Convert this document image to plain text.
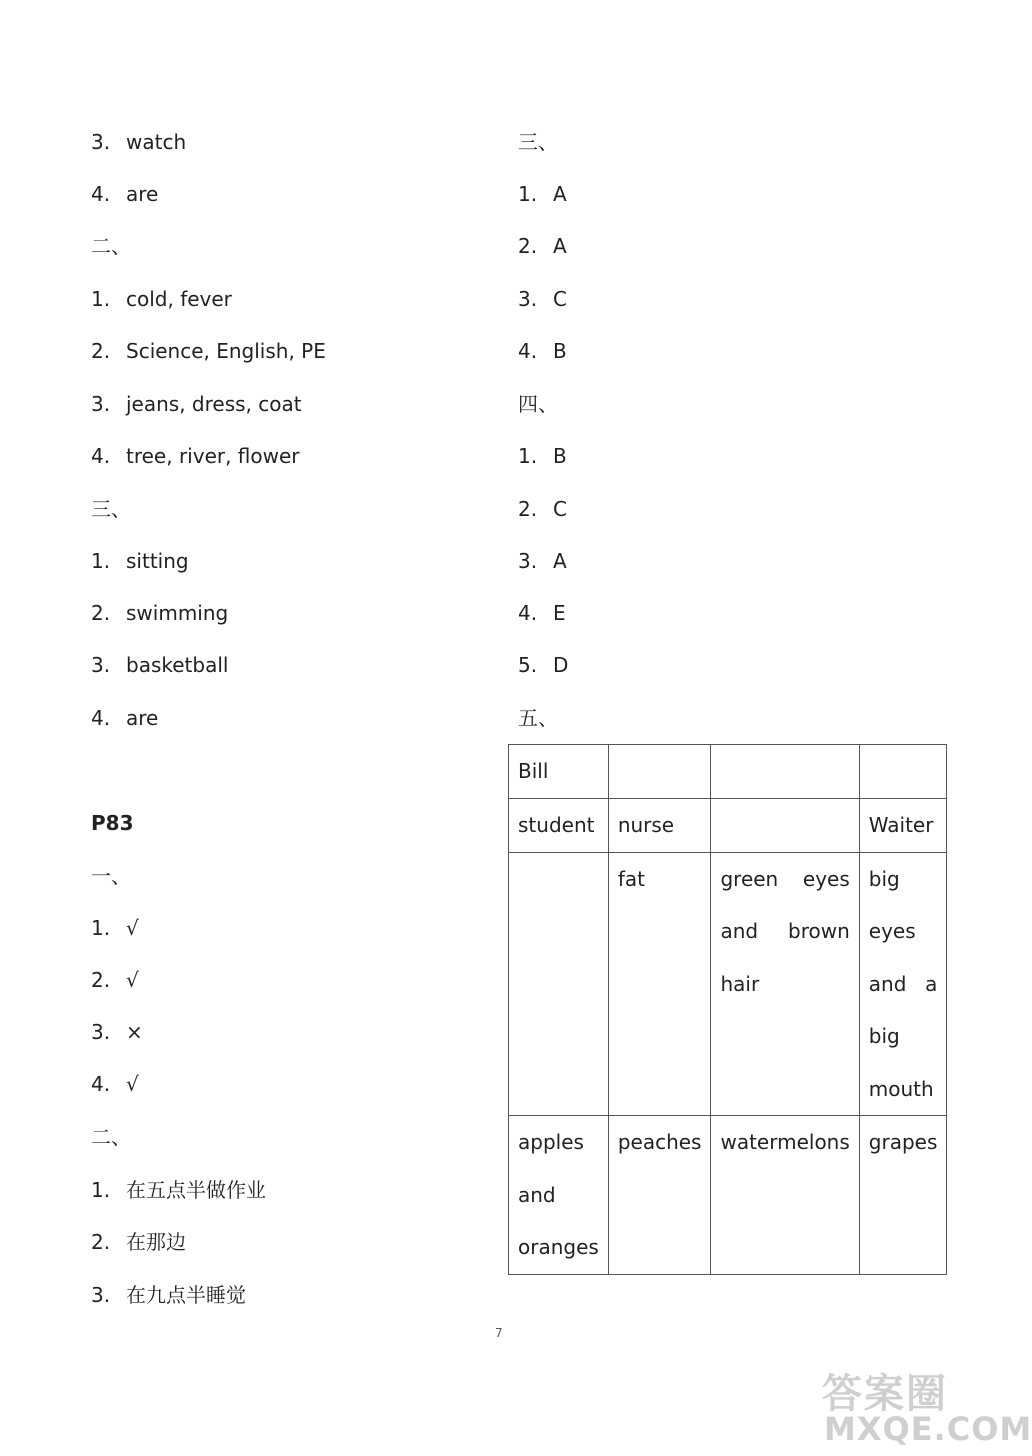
3. watch
4. are
二、
1. cold, fever
2. Science, English, PE
3. jeans, dress, coat
4. tree, river, flower
三、
1. sitting
2. swimming
3. basketball
4. are
P83
一、
1. √
2. √
3. ×
4. √
二、
1. 在五点半做作业
2. 在那边
3. 在九点半睡觉
三、
1. A
2. A
3. C
4. B
四、
1. B
2. C
3. A
4. E
5. D
五、
Bill			

student	nurse		Waiter

	fat	green eyes and brown hair	big eyes and a big mouth

apples and oranges	peaches	watermelons	grapes
7
答案圈
MXQE.COM
